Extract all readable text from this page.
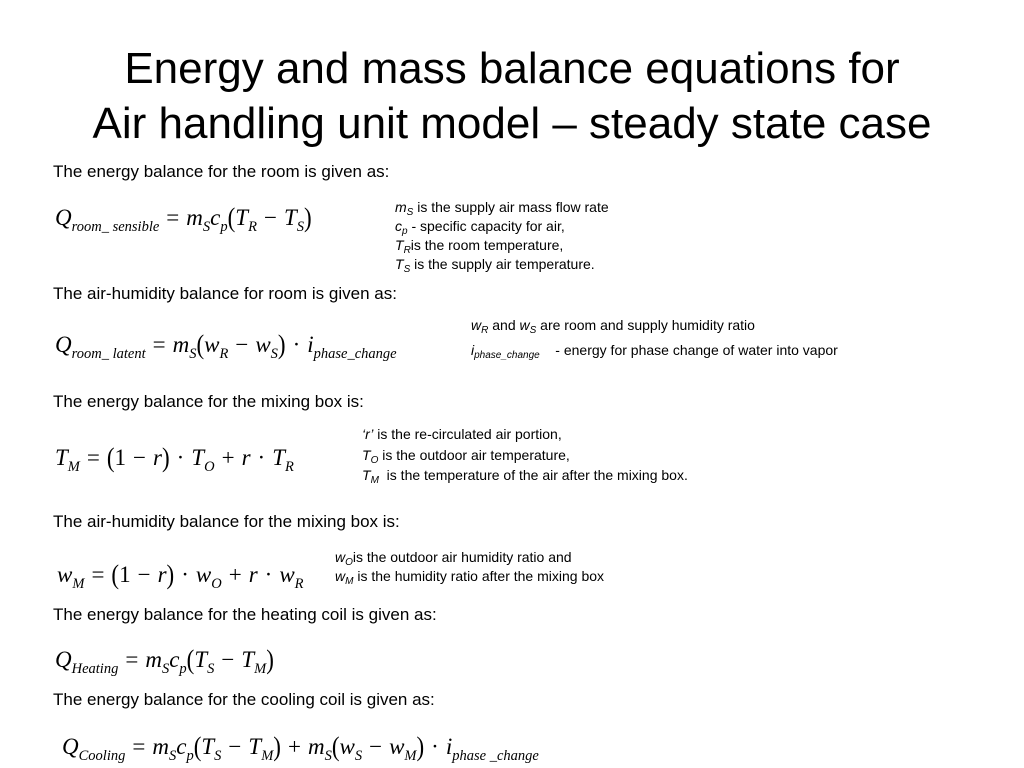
Energy and mass balance equations for
Air handling unit model – steady state case
The energy balance for the room is given as:
$Q_{room\_ sensible} = m_Sc_p(T_R - T_S)$	$m_S$ is the supply air mass flow rate
$c_p$ - specific capacity for air,
$T_Ris$ the room temperature,
$T_S$ is the supply air temperature.
The air-humidity balance for room is given as:
$Q_{room\_ latent} = m_S(w_R - w_S) \cdot i_{phase\_change}$
$w_R$ and $w_S$ are room and supply humidity ratio
$i_{phase\_change}$    - energy for phase change of water into vapor
The energy balance for the mixing box is:
$T_M = (1 - r) \cdot T_O + r \cdot T_R$
‘r’ is the re-circulated air portion,
$T_O$ is the outdoor air temperature,
$T_M$  is the temperature of the air after the mixing box.
The air-humidity balance for the mixing box is:
$w_M = (1 - r) \cdot w_O + r \cdot w_R$
$w_Ois$ the outdoor air humidity ratio and
$w_M$ is the humidity ratio after the mixing box
The energy balance for the heating coil is given as:
$Q_{Heating} = m_Sc_p(T_S - T_M)$
The energy balance for the cooling coil is given as:
$Q_{Cooling} = m_Sc_p(T_S - T_M) + m_S(w_S - w_M) \cdot i_{phase \_change}$
